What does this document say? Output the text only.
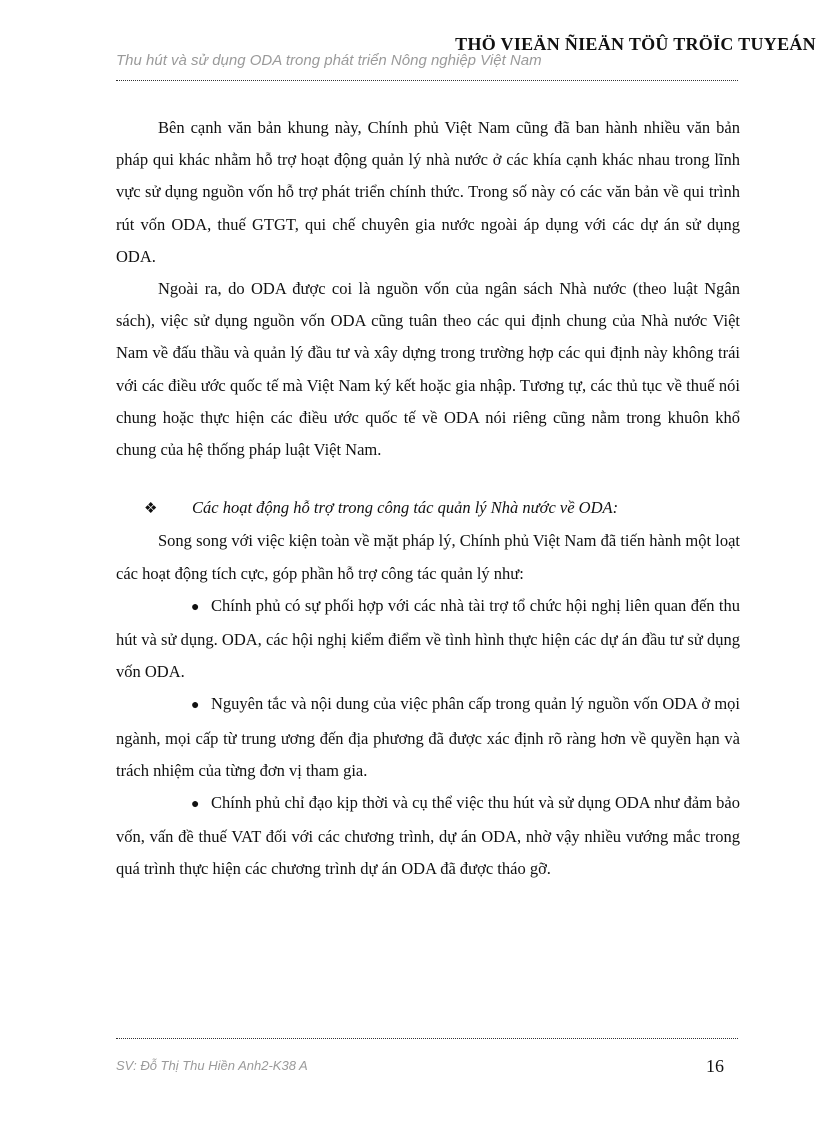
THÖ VIEÄN ÑIEÄN TÖÛ TRÖÏC TUYEÁN
Thu hút và sử dụng ODA trong phát triển Nông nghiệp Việt Nam

Bên cạnh văn bản khung này, Chính phủ Việt Nam cũng đã ban hành nhiều văn bản pháp qui khác nhằm hỗ trợ hoạt động quản lý nhà nước ở các khía cạnh khác nhau trong lĩnh vực sử dụng nguồn vốn hỗ trợ phát triển chính thức. Trong số này có các văn bản về qui trình rút vốn ODA, thuế GTGT, qui chế chuyên gia nước ngoài áp dụng với các dự án sử dụng ODA.

Ngoài ra, do ODA được coi là nguồn vốn của ngân sách Nhà nước (theo luật Ngân sách), việc sử dụng nguồn vốn ODA cũng tuân theo các qui định chung của Nhà nước Việt Nam về đấu thầu và quản lý đầu tư và xây dựng trong trường hợp các qui định này không trái với các điều ước quốc tế mà Việt Nam ký kết hoặc gia nhập. Tương tự, các thủ tục về thuế nói chung hoặc thực hiện các điều ước quốc tế về ODA nói riêng cũng nằm trong khuôn khổ chung của hệ thống pháp luật Việt Nam.

❖ Các hoạt động hỗ trợ trong công tác quản lý Nhà nước về ODA:

Song song với việc kiện toàn về mặt pháp lý, Chính phủ Việt Nam đã tiến hành một loạt các hoạt động tích cực, góp phần hỗ trợ công tác quản lý như:

● Chính phủ có sự phối hợp với các nhà tài trợ tổ chức hội nghị liên quan đến thu hút và sử dụng. ODA, các hội nghị kiểm điểm về tình hình thực hiện các dự án đầu tư sử dụng vốn ODA.

● Nguyên tắc và nội dung của việc phân cấp trong quản lý nguồn vốn ODA ở mọi ngành, mọi cấp từ trung ương đến địa phương đã được xác định rõ ràng hơn về quyền hạn và trách nhiệm của từng đơn vị tham gia.

● Chính phủ chỉ đạo kịp thời và cụ thể việc thu hút và sử dụng ODA như đảm bảo vốn, vấn đề thuế VAT đối với các chương trình, dự án ODA, nhờ vậy nhiều vướng mắc trong quá trình thực hiện các chương trình dự án ODA đã được tháo gỡ.

SV: Đỗ Thị Thu Hiền Anh2-K38 A	16
